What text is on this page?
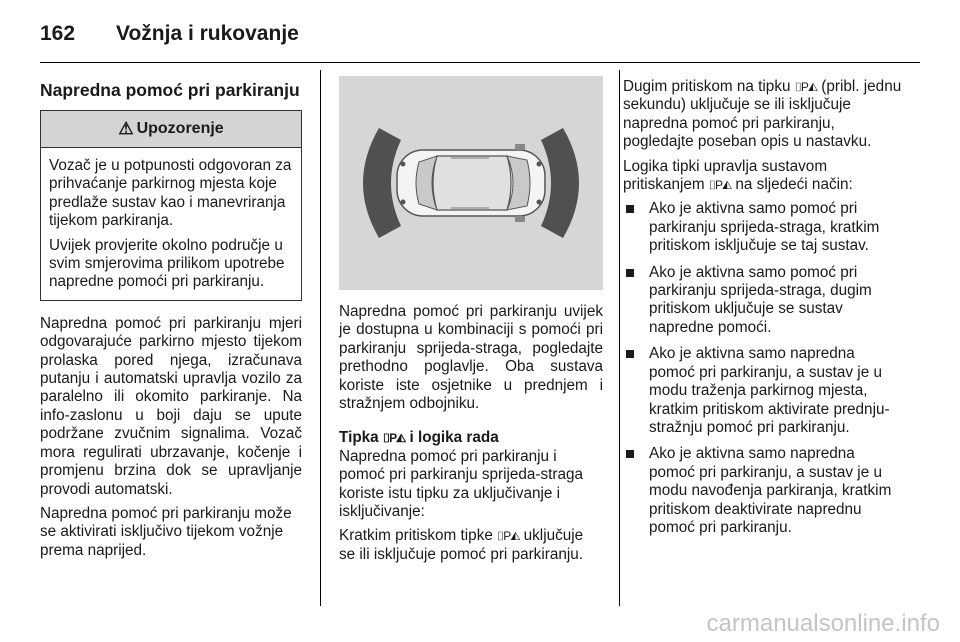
162	Vožnja i rukovanje
Napredna pomoć pri parkiranju
⚠ Upozorenje

Vozač je u potpunosti odgovoran za prihvaćanje parkirnog mjesta koje predlaže sustav kao i manevriranja tijekom parkiranja.

Uvijek provjerite okolno područje u svim smjerovima prilikom upotrebe napredne pomoći pri parkiranju.

Napredna pomoć pri parkiranju mjeri odgovarajuće parkirno mjesto tijekom prolaska pored njega, izračunava putanju i automatski upravlja vozilo za paralelno ili okomito parkiranje. Na info-zaslonu u boji daju se upute podržane zvučnim signalima. Vozač mora regulirati ubrzavanje, kočenje i promjenu brzina dok se upravljanje provodi automatski.

Napredna pomoć pri parkiranju može se aktivirati isključivo tijekom vožnje prema naprijed.

Napredna pomoć pri parkiranju uvijek je dostupna u kombinaciji s pomoći pri parkiranju sprijeda-straga, pogledajte prethodno poglavlje. Oba sustava koriste iste osjetnike u prednjem i stražnjem odbojniku.

Tipka ⌷P◭ i logika rada

Napredna pomoć pri parkiranju i pomoć pri parkiranju sprijeda-straga koriste istu tipku za uključivanje i isključivanje:

Kratkim pritiskom tipke ⌷P◭ uključuje se ili isključuje pomoć pri parkiranju.

Dugim pritiskom na tipku ⌷P◭ (pribl. jednu sekundu) uključuje se ili isključuje napredna pomoć pri parkiranju, pogledajte poseban opis u nastavku.

Logika tipki upravlja sustavom pritiskanjem ⌷P◭ na sljedeći način:

Ako je aktivna samo pomoć pri parkiranju sprijeda-straga, kratkim pritiskom isključuje se taj sustav.
Ako je aktivna samo pomoć pri parkiranju sprijeda-straga, dugim pritiskom uključuje se sustav napredne pomoći.
Ako je aktivna samo napredna pomoć pri parkiranju, a sustav je u modu traženja parkirnog mjesta, kratkim pritiskom aktivirate prednju-stražnju pomoć pri parkiranju.
Ako je aktivna samo napredna pomoć pri parkiranju, a sustav je u modu navođenja parkiranja, kratkim pritiskom deaktivirate naprednu pomoć pri parkiranju.
carmanualsonline.info
